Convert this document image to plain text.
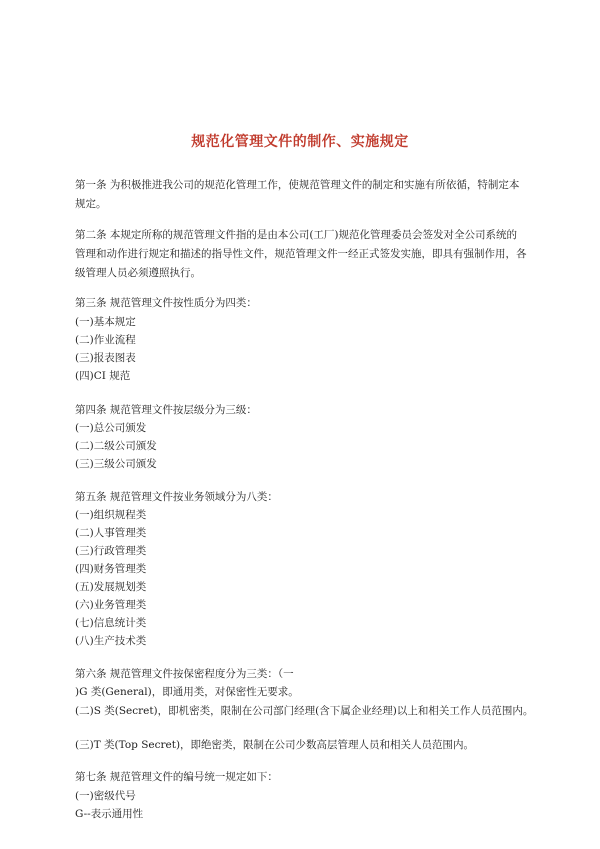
规范化管理文件的制作、实施规定
第一条 为积极推进我公司的规范化管理工作，使规范管理文件的制定和实施有所依循，特制定本
规定。
第二条 本规定所称的规范管理文件指的是由本公司(工厂)规范化管理委员会签发对全公司系统的
管理和动作进行规定和描述的指导性文件，规范管理文件一经正式签发实施，即具有强制作用，各
级管理人员必须遵照执行。
第三条 规范管理文件按性质分为四类：
(一)基本规定
(二)作业流程
(三)报表图表
(四)CI 规范
第四条 规范管理文件按层级分为三级：
(一)总公司颁发
(二)二级公司颁发
(三)三级公司颁发
第五条 规范管理文件按业务领域分为八类：
(一)组织规程类
(二)人事管理类
(三)行政管理类
(四)财务管理类
(五)发展规划类
(六)业务管理类
(七)信息统计类
(八)生产技术类
第六条 规范管理文件按保密程度分为三类：（一
)G 类(General)，即通用类，对保密性无要求。
(二)S 类(Secret)，即机密类，限制在公司部门经理(含下属企业经理)以上和相关工作人员范围内。
(三)T 类(Top Secret)，即绝密类，限制在公司少数高层管理人员和相关人员范围内。
第七条 规范管理文件的编号统一规定如下：
(一)密级代号
G--表示通用性
